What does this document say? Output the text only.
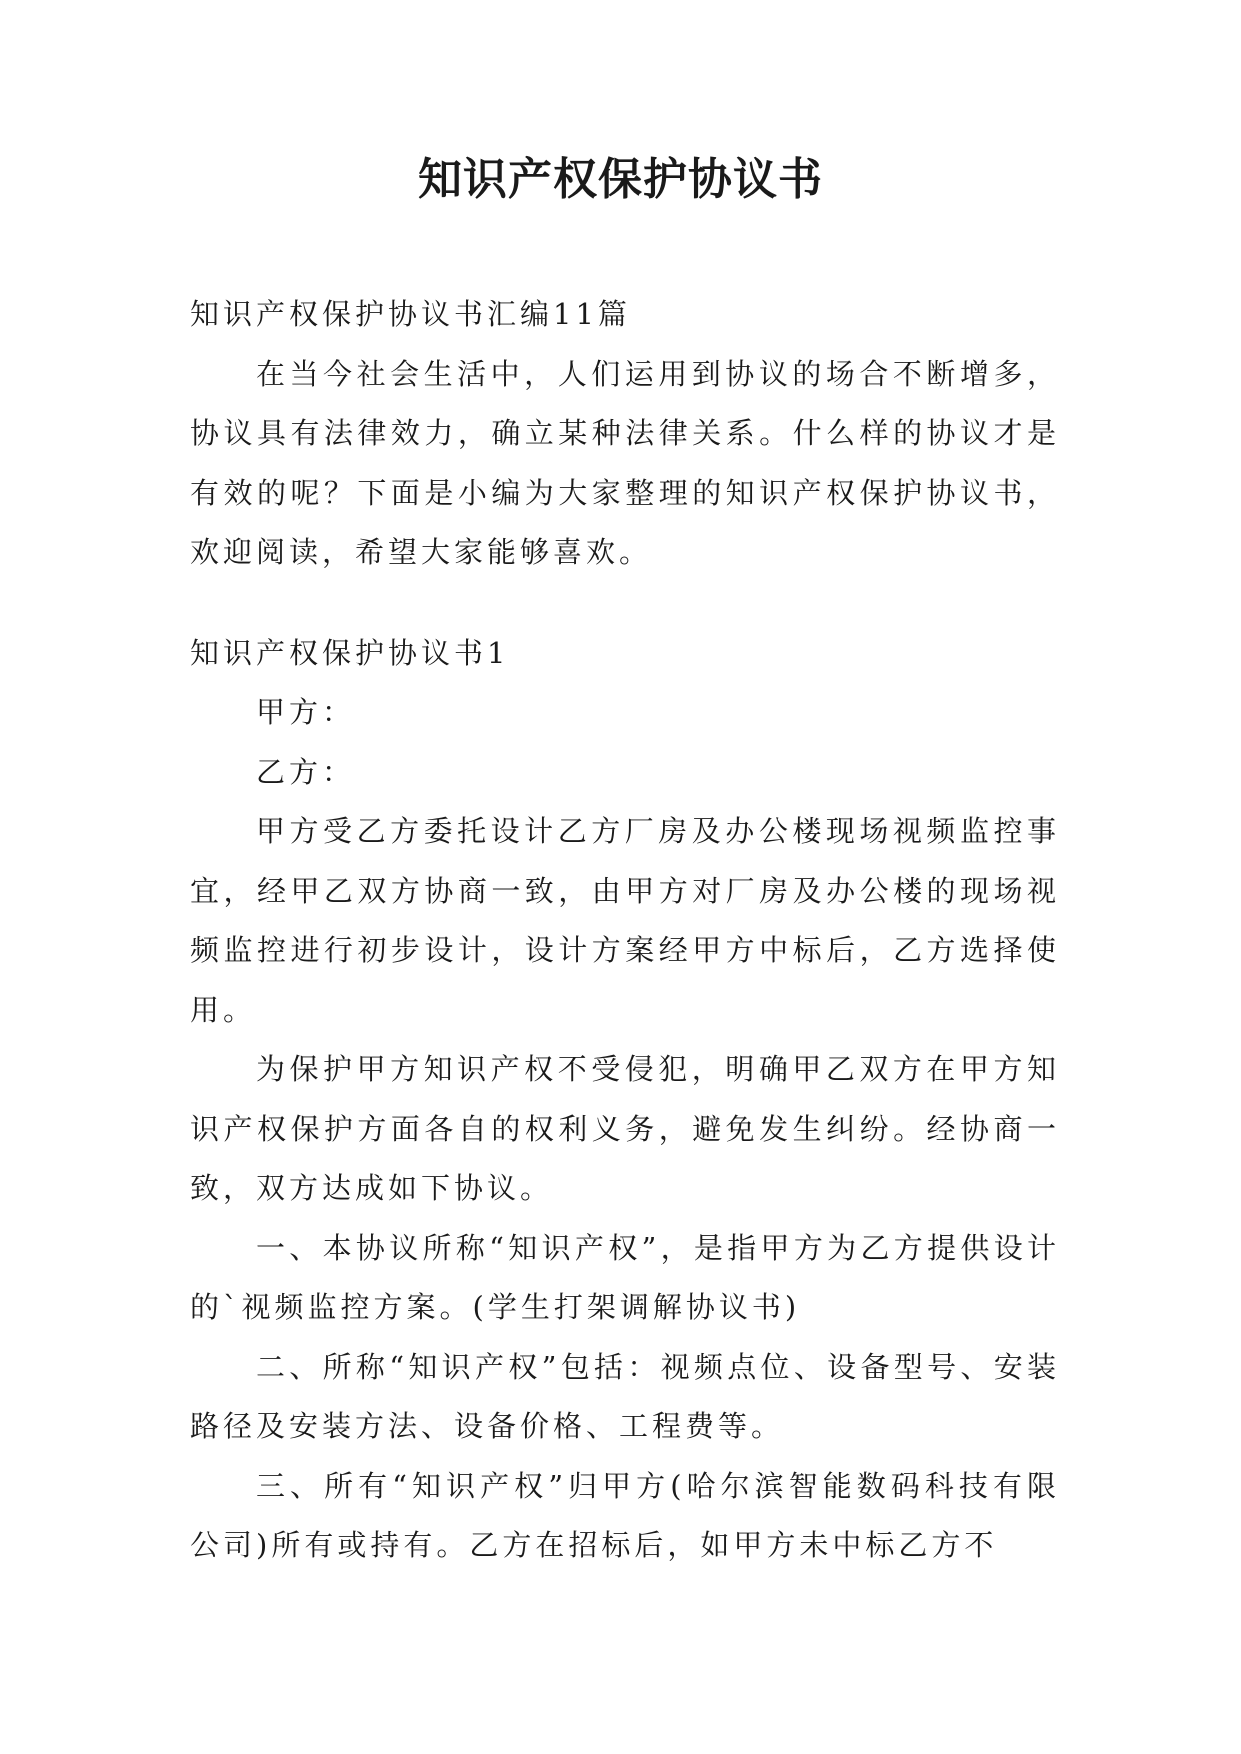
知识产权保护协议书

知识产权保护协议书汇编11篇

在当今社会生活中，人们运用到协议的场合不断增多，协议具有法律效力，确立某种法律关系。什么样的协议才是有效的呢？下面是小编为大家整理的知识产权保护协议书，欢迎阅读，希望大家能够喜欢。

知识产权保护协议书1

甲方：

乙方：

甲方受乙方委托设计乙方厂房及办公楼现场视频监控事宜，经甲乙双方协商一致，由甲方对厂房及办公楼的现场视频监控进行初步设计，设计方案经甲方中标后，乙方选择使用。

为保护甲方知识产权不受侵犯，明确甲乙双方在甲方知识产权保护方面各自的权利义务，避免发生纠纷。经协商一致，双方达成如下协议。

一、本协议所称“知识产权”，是指甲方为乙方提供设计的`视频监控方案。(学生打架调解协议书)

二、所称“知识产权”包括：视频点位、设备型号、安装路径及安装方法、设备价格、工程费等。

三、所有“知识产权”归甲方(哈尔滨智能数码科技有限公司)所有或持有。乙方在招标后，如甲方未中标乙方不
